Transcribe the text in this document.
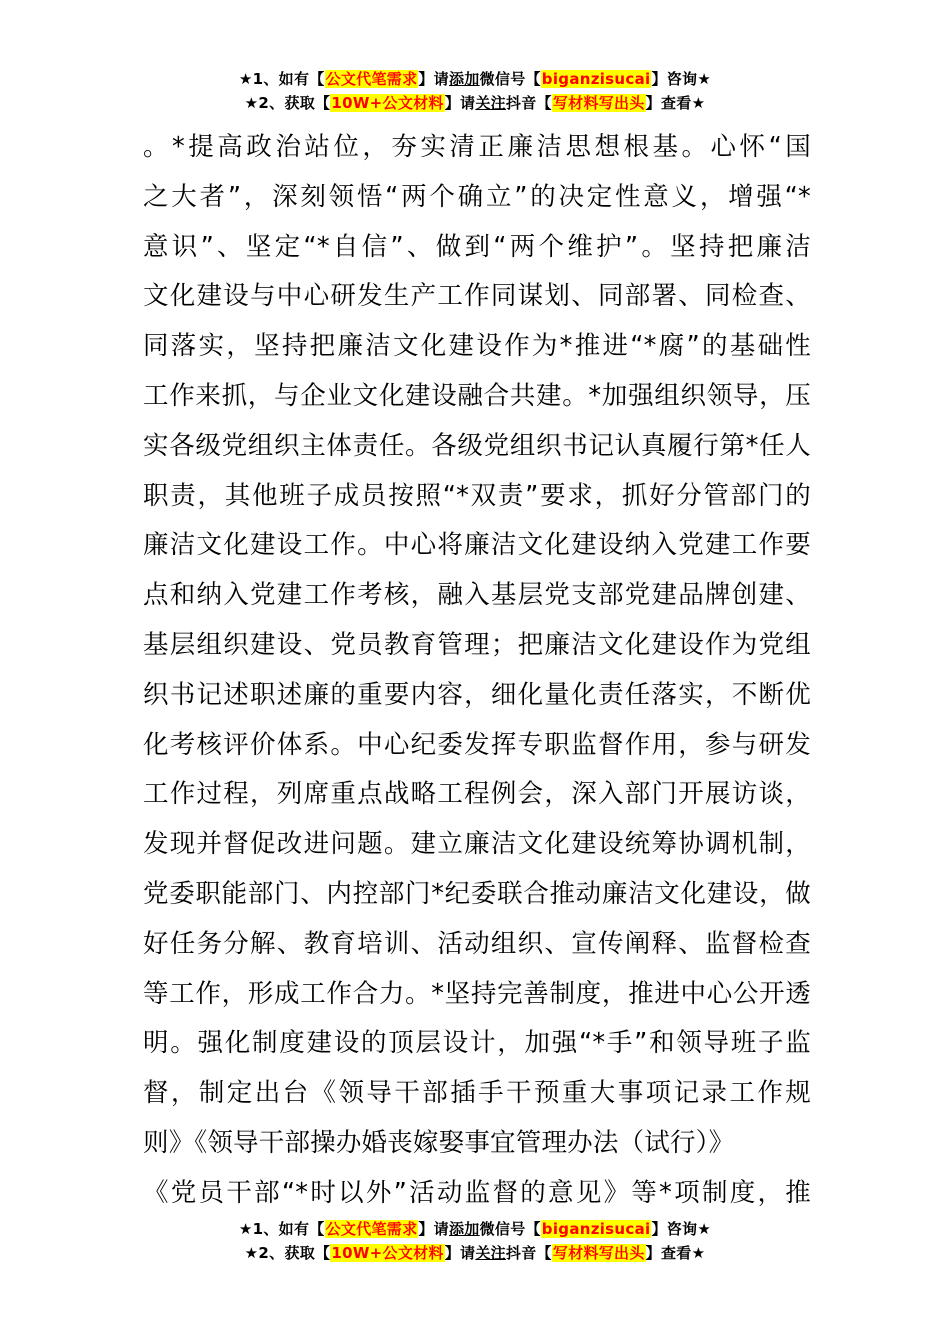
★1、如有【公文代笔需求】请添加微信号【biganzisucai】咨询★
★2、获取【10W+公文材料】请关注抖音【写材料写出头】查看★
。*提高政治站位，夯实清正廉洁思想根基。心怀“国
之大者”，深刻领悟“两个确立”的决定性意义，增强“*
意识”、坚定“*自信”、做到“两个维护”。坚持把廉洁
文化建设与中心研发生产工作同谋划、同部署、同检查、
同落实，坚持把廉洁文化建设作为*推进“*腐”的基础性
工作来抓，与企业文化建设融合共建。*加强组织领导，压
实各级党组织主体责任。各级党组织书记认真履行第*任人
职责，其他班子成员按照“*双责”要求，抓好分管部门的
廉洁文化建设工作。中心将廉洁文化建设纳入党建工作要
点和纳入党建工作考核，融入基层党支部党建品牌创建、
基层组织建设、党员教育管理；把廉洁文化建设作为党组
织书记述职述廉的重要内容，细化量化责任落实，不断优
化考核评价体系。中心纪委发挥专职监督作用，参与研发
工作过程，列席重点战略工程例会，深入部门开展访谈，
发现并督促改进问题。建立廉洁文化建设统筹协调机制，
党委职能部门、内控部门*纪委联合推动廉洁文化建设，做
好任务分解、教育培训、活动组织、宣传阐释、监督检查
等工作，形成工作合力。*坚持完善制度，推进中心公开透
明。强化制度建设的顶层设计，加强“*手”和领导班子监
督，制定出台《领导干部插手干预重大事项记录工作规
则》《领导干部操办婚丧嫁娶事宜管理办法（试行）》
《党员干部“*时以外”活动监督的意见》等*项制度，推
★1、如有【公文代笔需求】请添加微信号【biganzisucai】咨询★
★2、获取【10W+公文材料】请关注抖音【写材料写出头】查看★
